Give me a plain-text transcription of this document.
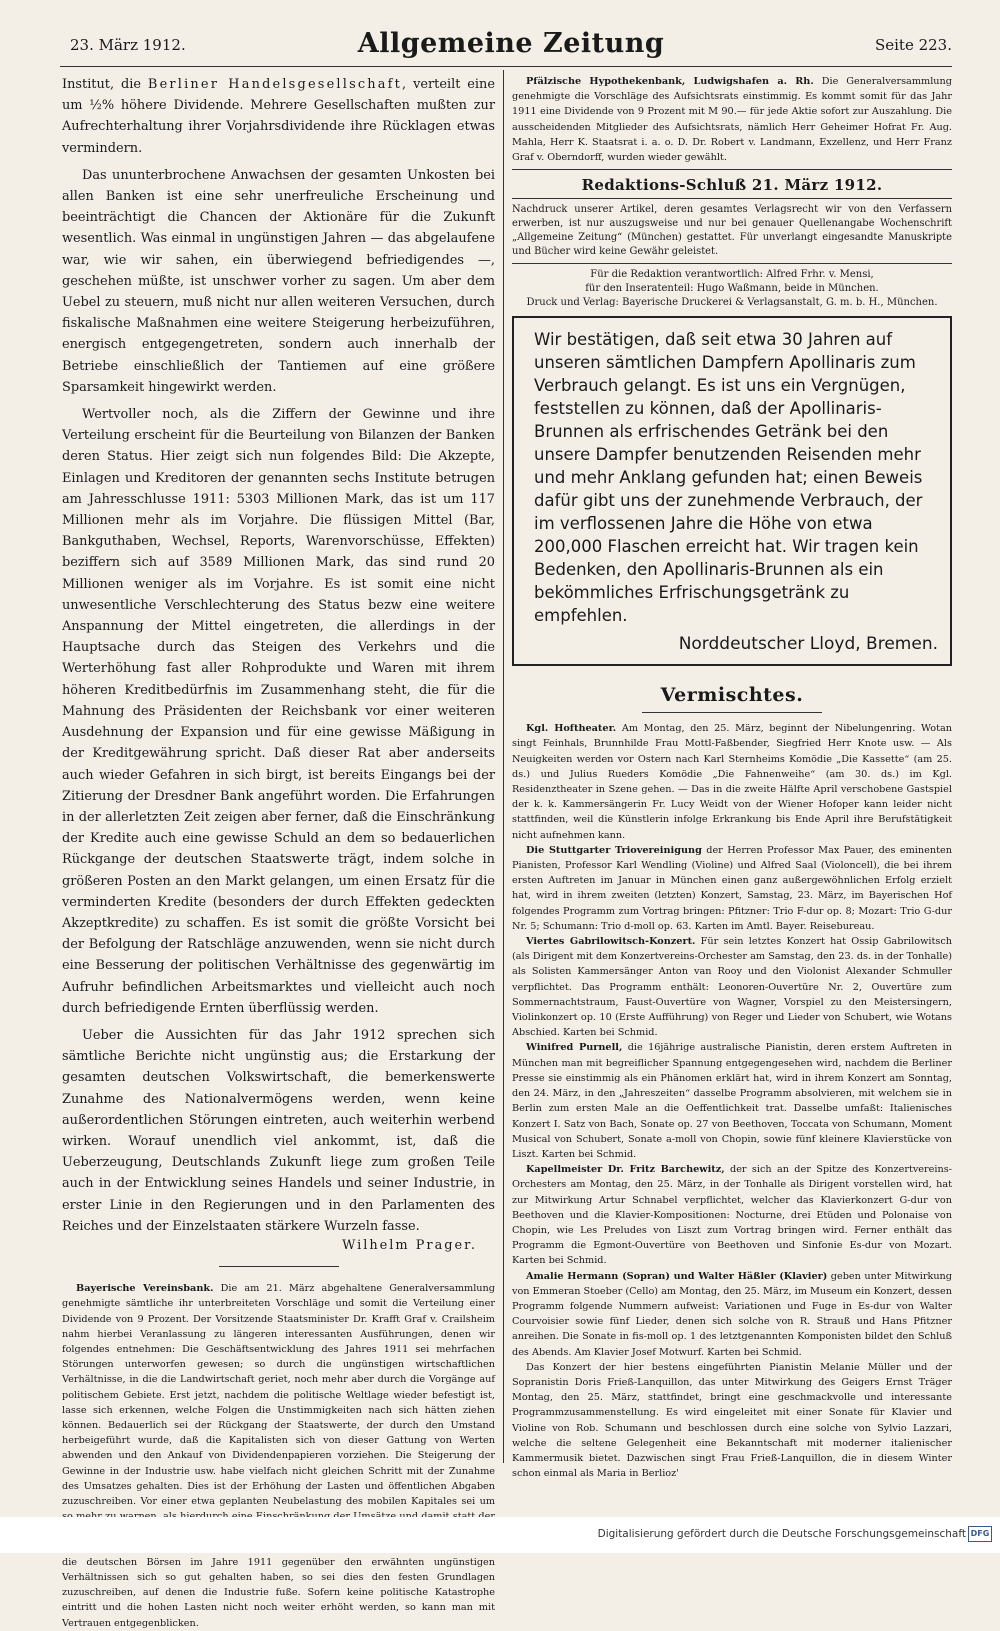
23. März 1912.	Allgemeine Zeitung	Seite 223.

Institut, die Berliner Handelsgesellschaft, verteilt eine um ½% höhere Dividende. Mehrere Gesellschaften mußten zur Aufrechterhaltung ihrer Vorjahrsdividende ihre Rücklagen etwas vermindern.

Das ununterbrochene Anwachsen der gesamten Unkosten bei allen Banken ist eine sehr unerfreuliche Erscheinung und beeinträchtigt die Chancen der Aktionäre für die Zukunft wesentlich. Was einmal in ungünstigen Jahren — das abgelaufene war, wie wir sahen, ein überwiegend befriedigendes —, geschehen müßte, ist unschwer vorher zu sagen. Um aber dem Uebel zu steuern, muß nicht nur allen weiteren Versuchen, durch fiskalische Maßnahmen eine weitere Steigerung herbeizuführen, energisch entgegengetreten, sondern auch innerhalb der Betriebe einschließlich der Tantiemen auf eine größere Sparsamkeit hingewirkt werden.

Wertvoller noch, als die Ziffern der Gewinne und ihre Verteilung erscheint für die Beurteilung von Bilanzen der Banken deren Status. Hier zeigt sich nun folgendes Bild: Die Akzepte, Einlagen und Kreditoren der genannten sechs Institute betrugen am Jahresschlusse 1911: 5303 Millionen Mark, das ist um 117 Millionen mehr als im Vorjahre. Die flüssigen Mittel (Bar, Bankguthaben, Wechsel, Reports, Warenvorschüsse, Effekten) beziffern sich auf 3589 Millionen Mark, das sind rund 20 Millionen weniger als im Vorjahre. Es ist somit eine nicht unwesentliche Verschlechterung des Status bezw eine weitere Anspannung der Mittel eingetreten, die allerdings in der Hauptsache durch das Steigen des Verkehrs und die Werterhöhung fast aller Rohprodukte und Waren mit ihrem höheren Kreditbedürfnis im Zusammenhang steht, die für die Mahnung des Präsidenten der Reichsbank vor einer weiteren Ausdehnung der Expansion und für eine gewisse Mäßigung in der Kreditgewährung spricht. Daß dieser Rat aber anderseits auch wieder Gefahren in sich birgt, ist bereits Eingangs bei der Zitierung der Dresdner Bank angeführt worden. Die Erfahrungen in der allerletzten Zeit zeigen aber ferner, daß die Einschränkung der Kredite auch eine gewisse Schuld an dem so bedauerlichen Rückgange der deutschen Staatswerte trägt, indem solche in größeren Posten an den Markt gelangen, um einen Ersatz für die verminderten Kredite (besonders der durch Effekten gedeckten Akzeptkredite) zu schaffen. Es ist somit die größte Vorsicht bei der Befolgung der Ratschläge anzuwenden, wenn sie nicht durch eine Besserung der politischen Verhältnisse des gegenwärtig im Aufruhr befindlichen Arbeitsmarktes und vielleicht auch noch durch befriedigende Ernten überflüssig werden.

Ueber die Aussichten für das Jahr 1912 sprechen sich sämtliche Berichte nicht ungünstig aus; die Erstarkung der gesamten deutschen Volkswirtschaft, die bemerkenswerte Zunahme des Nationalvermögens werden, wenn keine außerordentlichen Störungen eintreten, auch weiterhin werbend wirken. Worauf unendlich viel ankommt, ist, daß die Ueberzeugung, Deutschlands Zukunft liege zum großen Teile auch in der Entwicklung seines Handels und seiner Industrie, in erster Linie in den Regierungen und in den Parlamenten des Reiches und der Einzelstaaten stärkere Wurzeln fasse.

Wilhelm Prager.

Bayerische Vereinsbank. Die am 21. März abgehaltene Generalversammlung genehmigte sämtliche ihr unterbreiteten Vorschläge und somit die Verteilung einer Dividende von 9 Prozent. Der Vorsitzende Staatsminister Dr. Krafft Graf v. Crailsheim nahm hierbei Veranlassung zu längeren interessanten Ausführungen, denen wir folgendes entnehmen: Die Geschäftsentwicklung des Jahres 1911 sei mehrfachen Störungen unterworfen gewesen; so durch die ungünstigen wirtschaftlichen Verhältnisse, in die die Landwirtschaft geriet, noch mehr aber durch die Vorgänge auf politischem Gebiete. Erst jetzt, nachdem die politische Weltlage wieder befestigt ist, lasse sich erkennen, welche Folgen die Unstimmigkeiten nach sich hätten ziehen können. Bedauerlich sei der Rückgang der Staatswerte, der durch den Umstand herbeigeführt wurde, daß die Kapitalisten sich von dieser Gattung von Werten abwenden und den Ankauf von Dividendenpapieren vorziehen. Die Steigerung der Gewinne in der Industrie usw. habe vielfach nicht gleichen Schritt mit der Zunahme des Umsatzes gehalten. Dies ist der Erhöhung der Lasten und öffentlichen Abgaben zuzuschreiben. Vor einer etwa geplanten Neubelastung des mobilen Kapitales sei um die deutschen Börsen im Jahre 1911 gegenüber den erwähnten ungünstigen Verhältnissen sich so gut gehalten haben, so sei dies den festen Grundlagen zuzuschreiben, auf denen die Industrie fuße. Sofern keine politische Katastrophe eintritt und die hohen Lasten nicht noch weiter erhöht werden, so kann man mit Vertrauen entgegenblicken.

Pfälzische Hypothekenbank, Ludwigshafen a. Rh. Die Generalversammlung genehmigte die Vorschläge des Aufsichtsrats einstimmig. Es kommt somit für das Jahr 1911 eine Dividende von 9 Prozent mit M 90.— für jede Aktie sofort zur Auszahlung. Die ausscheidenden Mitglieder des Aufsichtsrats, nämlich Herr Geheimer Hofrat Fr. Aug. Mahla, Herr K. Staatsrat i. a. o. D. Dr. Robert v. Landmann, Exzellenz, und Herr Franz Graf v. Oberndorff, wurden wieder gewählt.

Redaktions-Schluß 21. März 1912.

Nachdruck unserer Artikel, deren gesamtes Verlagsrecht wir von den Verfassern erwerben, ist nur auszugsweise und nur bei genauer Quellenangabe Wochenschrift „Allgemeine Zeitung“ (München) gestattet. Für unverlangt eingesandte Manuskripte und Bücher wird keine Gewähr geleistet.

Für die Redaktion verantwortlich: Alfred Frhr. v. Mensi,

für den Inseratenteil: Hugo Waßmann, beide in München.

Druck und Verlag: Bayerische Druckerei & Verlagsanstalt, G. m. b. H., München.

Wir bestätigen, daß seit etwa 30 Jahren auf unseren sämtlichen Dampfern Apollinaris zum Verbrauch gelangt. Es ist uns ein Vergnügen, feststellen zu können, daß der Apollinaris-Brunnen als erfrischendes Getränk bei den unsere Dampfer benutzenden Reisenden mehr und mehr Anklang gefunden hat; einen Beweis dafür gibt uns der zunehmende Verbrauch, der im verflossenen Jahre die Höhe von etwa 200,000 Flaschen erreicht hat. Wir tragen kein Bedenken, den Apollinaris-Brunnen als ein bekömmliches Erfrischungsgetränk zu empfehlen.

Norddeutscher Lloyd, Bremen.

Vermischtes.

Kgl. Hoftheater. Am Montag, den 25. März, beginnt der Nibelungenring. Wotan singt Feinhals, Brunnhilde Frau Mottl-Faßbender, Siegfried Herr Knote usw. — Als Neuigkeiten werden vor Ostern nach Karl Sternheims Komödie „Die Kassette“ (am 25. ds.) und Julius Rueders Komödie „Die Fahnenweihe“ (am 30. ds.) im Kgl. Residenztheater in Szene gehen. — Das in die zweite Hälfte April verschobene Gastspiel der k. k. Kammersängerin Fr. Lucy Weidt von der Wiener Hofoper kann leider nicht stattfinden, weil die Künstlerin infolge Erkrankung bis Ende April ihre Berufstätigkeit nicht aufnehmen kann.

Die Stuttgarter Triovereinigung der Herren Professor Max Pauer, des eminenten Pianisten, Professor Karl Wendling (Violine) und Alfred Saal (Violoncell), die bei ihrem ersten Auftreten im Januar in München einen ganz außergewöhnlichen Erfolg erzielt hat, wird in ihrem zweiten (letzten) Konzert, Samstag, 23. März, im Bayerischen Hof folgendes Programm zum Vortrag bringen: Pfitzner: Trio F-dur op. 8; Mozart: Trio G-dur Nr. 5; Schumann: Trio d-moll op. 63. Karten im Amtl. Bayer. Reisebureau.

Viertes Gabrilowitsch-Konzert. Für sein letztes Konzert hat Ossip Gabrilowitsch (als Dirigent mit dem Konzertvereins-Orchester am Samstag, den 23. ds. in der Tonhalle) als Solisten Kammersänger Anton van Rooy und den Violonist Alexander Schmuller verpflichtet. Das Programm enthält: Leonoren-Ouvertüre Nr. 2, Ouvertüre zum Sommernachtstraum, Faust-Ouvertüre von Wagner, Vorspiel zu den Meistersingern, Violinkonzert op. 10 (Erste Aufführung) von Reger und Lieder von Schubert, wie Wotans Abschied. Karten bei Schmid.

Winifred Purnell, die 16jährige australische Pianistin, deren erstem Auftreten in München man mit begreiflicher Spannung entgegengesehen wird, nachdem die Berliner Presse sie einstimmig als ein Phänomen erklärt hat, wird in ihrem Konzert am Sonntag, den 24. März, in den „Jahreszeiten“ dasselbe Programm absolvieren, mit welchem sie in Berlin zum ersten Male an die Oeffentlichkeit trat. Dasselbe umfaßt: Italienisches Konzert I. Satz von Bach, Sonate op. 27 von Beethoven, Toccata von Schumann, Moment Musical von Schubert, Sonate a-moll von Chopin, sowie fünf kleinere Klavierstücke von Liszt. Karten bei Schmid.

Kapellmeister Dr. Fritz Barchewitz, der sich an der Spitze des Konzertvereins-Orchesters am Montag, den 25. März, in der Tonhalle als Dirigent vorstellen wird, hat zur Mitwirkung Artur Schnabel verpflichtet, welcher das Klavierkonzert G-dur von Beethoven und die Klavier-Kompositionen: Nocturne, drei Etüden und Polonaise von Chopin, wie Les Preludes von Liszt zum Vortrag bringen wird. Ferner enthält das Programm die Egmont-Ouvertüre von Beethoven und Sinfonie Es-dur von Mozart. Karten bei Schmid.

Amalie Hermann (Sopran) und Walter Häßler (Klavier) geben unter Mitwirkung von Emmeran Stoeber (Cello) am Montag, den 25. März, im Museum ein Konzert, dessen Programm folgende Nummern aufweist: Variationen und Fuge in Es-dur von Walter Courvoisier sowie fünf Lieder, denen sich solche von R. Strauß und Hans Pfitzner anreihen. Die Sonate in fis-moll op. 1 des letztgenannten Komponisten bildet den Schluß des Abends. Am Klavier Josef Motwurf. Karten bei Schmid.

Das Konzert der hier bestens eingeführten Pianistin Melanie Müller und der Sopranistin Doris Frieß-Lanquillon, das unter Mitwirkung des Geigers Ernst Träger Montag, den 25. März, stattfindet, bringt eine geschmackvolle und interessante Programmzusammenstellung. Es wird eingeleitet mit einer Sonate für Klavier und Violine von Rob. Schumann und beschlossen durch eine solche von Sylvio Lazzari, welche die seltene Gelegenheit eine Bekanntschaft mit moderner italienischer Kammermusik bietet. Dazwischen singt Frau Frieß-Lanquillon, die in diesem Winter schon einmal als Maria in Berlioz'

Digitalisierung gefördert durch die Deutsche Forschungsgemeinschaft DFG
